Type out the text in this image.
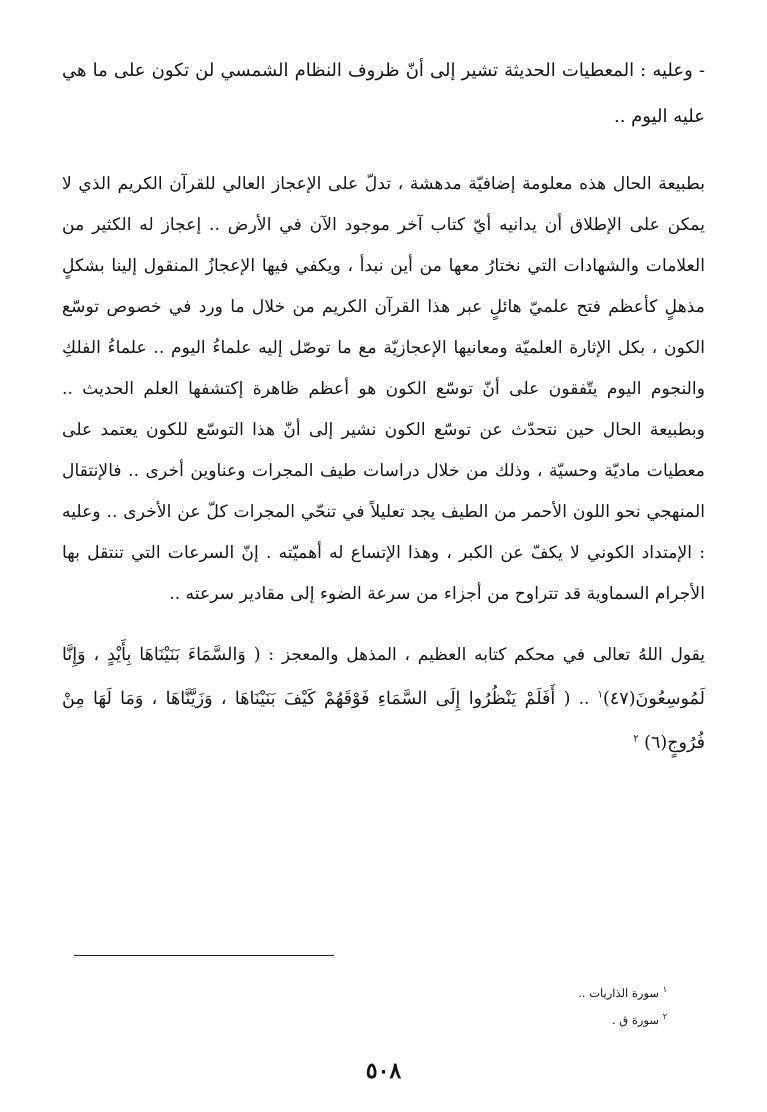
- وعليه : المعطيات الحديثة تشير إلى أنّ ظروف النظام الشمسي لن تكون على ما هي عليه اليوم ..

بطبيعة الحال هذه معلومة إضافيّة مدهشة ، تدلّ على الإعجاز العالي للقرآن الكريم الذي لا يمكن على الإطلاق أن يدانيه أيّ كتاب آخر موجود الآن في الأرض .. إعجاز له الكثير من العلامات والشهادات التي نختارُ معها من أين نبدأ ، ويكفي فيها الإعجازُ المنقول إلينا بشكلٍ مذهلٍ كأعظم فتح علميّ هائلٍ عبر هذا القرآن الكريم من خلال ما ورد في خصوص توسّع الكون ، بكل الإثارة العلميّة ومعانيها الإعجازيّة مع ما توصّل إليه علماءُ اليوم .. علماءُ الفلكِ والنجوم اليوم يتّفقون على أنّ توسّع الكون هو أعظم ظاهرة إكتشفها العلم الحديث .. وبطبيعة الحال حين نتحدّث عن توسّع الكون نشير إلى أنّ هذا التوسّع للكون يعتمد على معطيات ماديّة وحسيّة ، وذلك من خلال دراسات طيف المجرات وعناوين أخرى .. فالإنتقال المنهجي نحو اللون الأحمر من الطيف يجد تعليلاً في تنحّي المجرات كلّ عن الأخرى .. وعليه : الإمتداد الكوني لا يكفّ عن الكبر ، وهذا الإتساع له أهميّته . إنّ السرعات التي تنتقل بها الأجرام السماوية قد تتراوح من أجزاء من سرعة الضوء إلى مقادير سرعته ..

يقول اللهُ تعالى في محكم كتابه العظيم ، المذهل والمعجز : ( وَالسَّمَاءَ بَنَيْنَاهَا بِأَيْدٍ ، وَإِنَّا لَمُوسِعُونَ(٤٧)$^١$ .. ( أَفَلَمْ يَنْظُرُوا إِلَى السَّمَاءِ فَوْقَهُمْ كَيْفَ بَنَيْنَاهَا ، وَزَيَّنَّاهَا ، وَمَا لَهَا مِنْ فُرُوجٍ(٦) $^٢$

$^١$ سورة الذاريات ..

$^٢$ سورة ق .

٥٠٨
